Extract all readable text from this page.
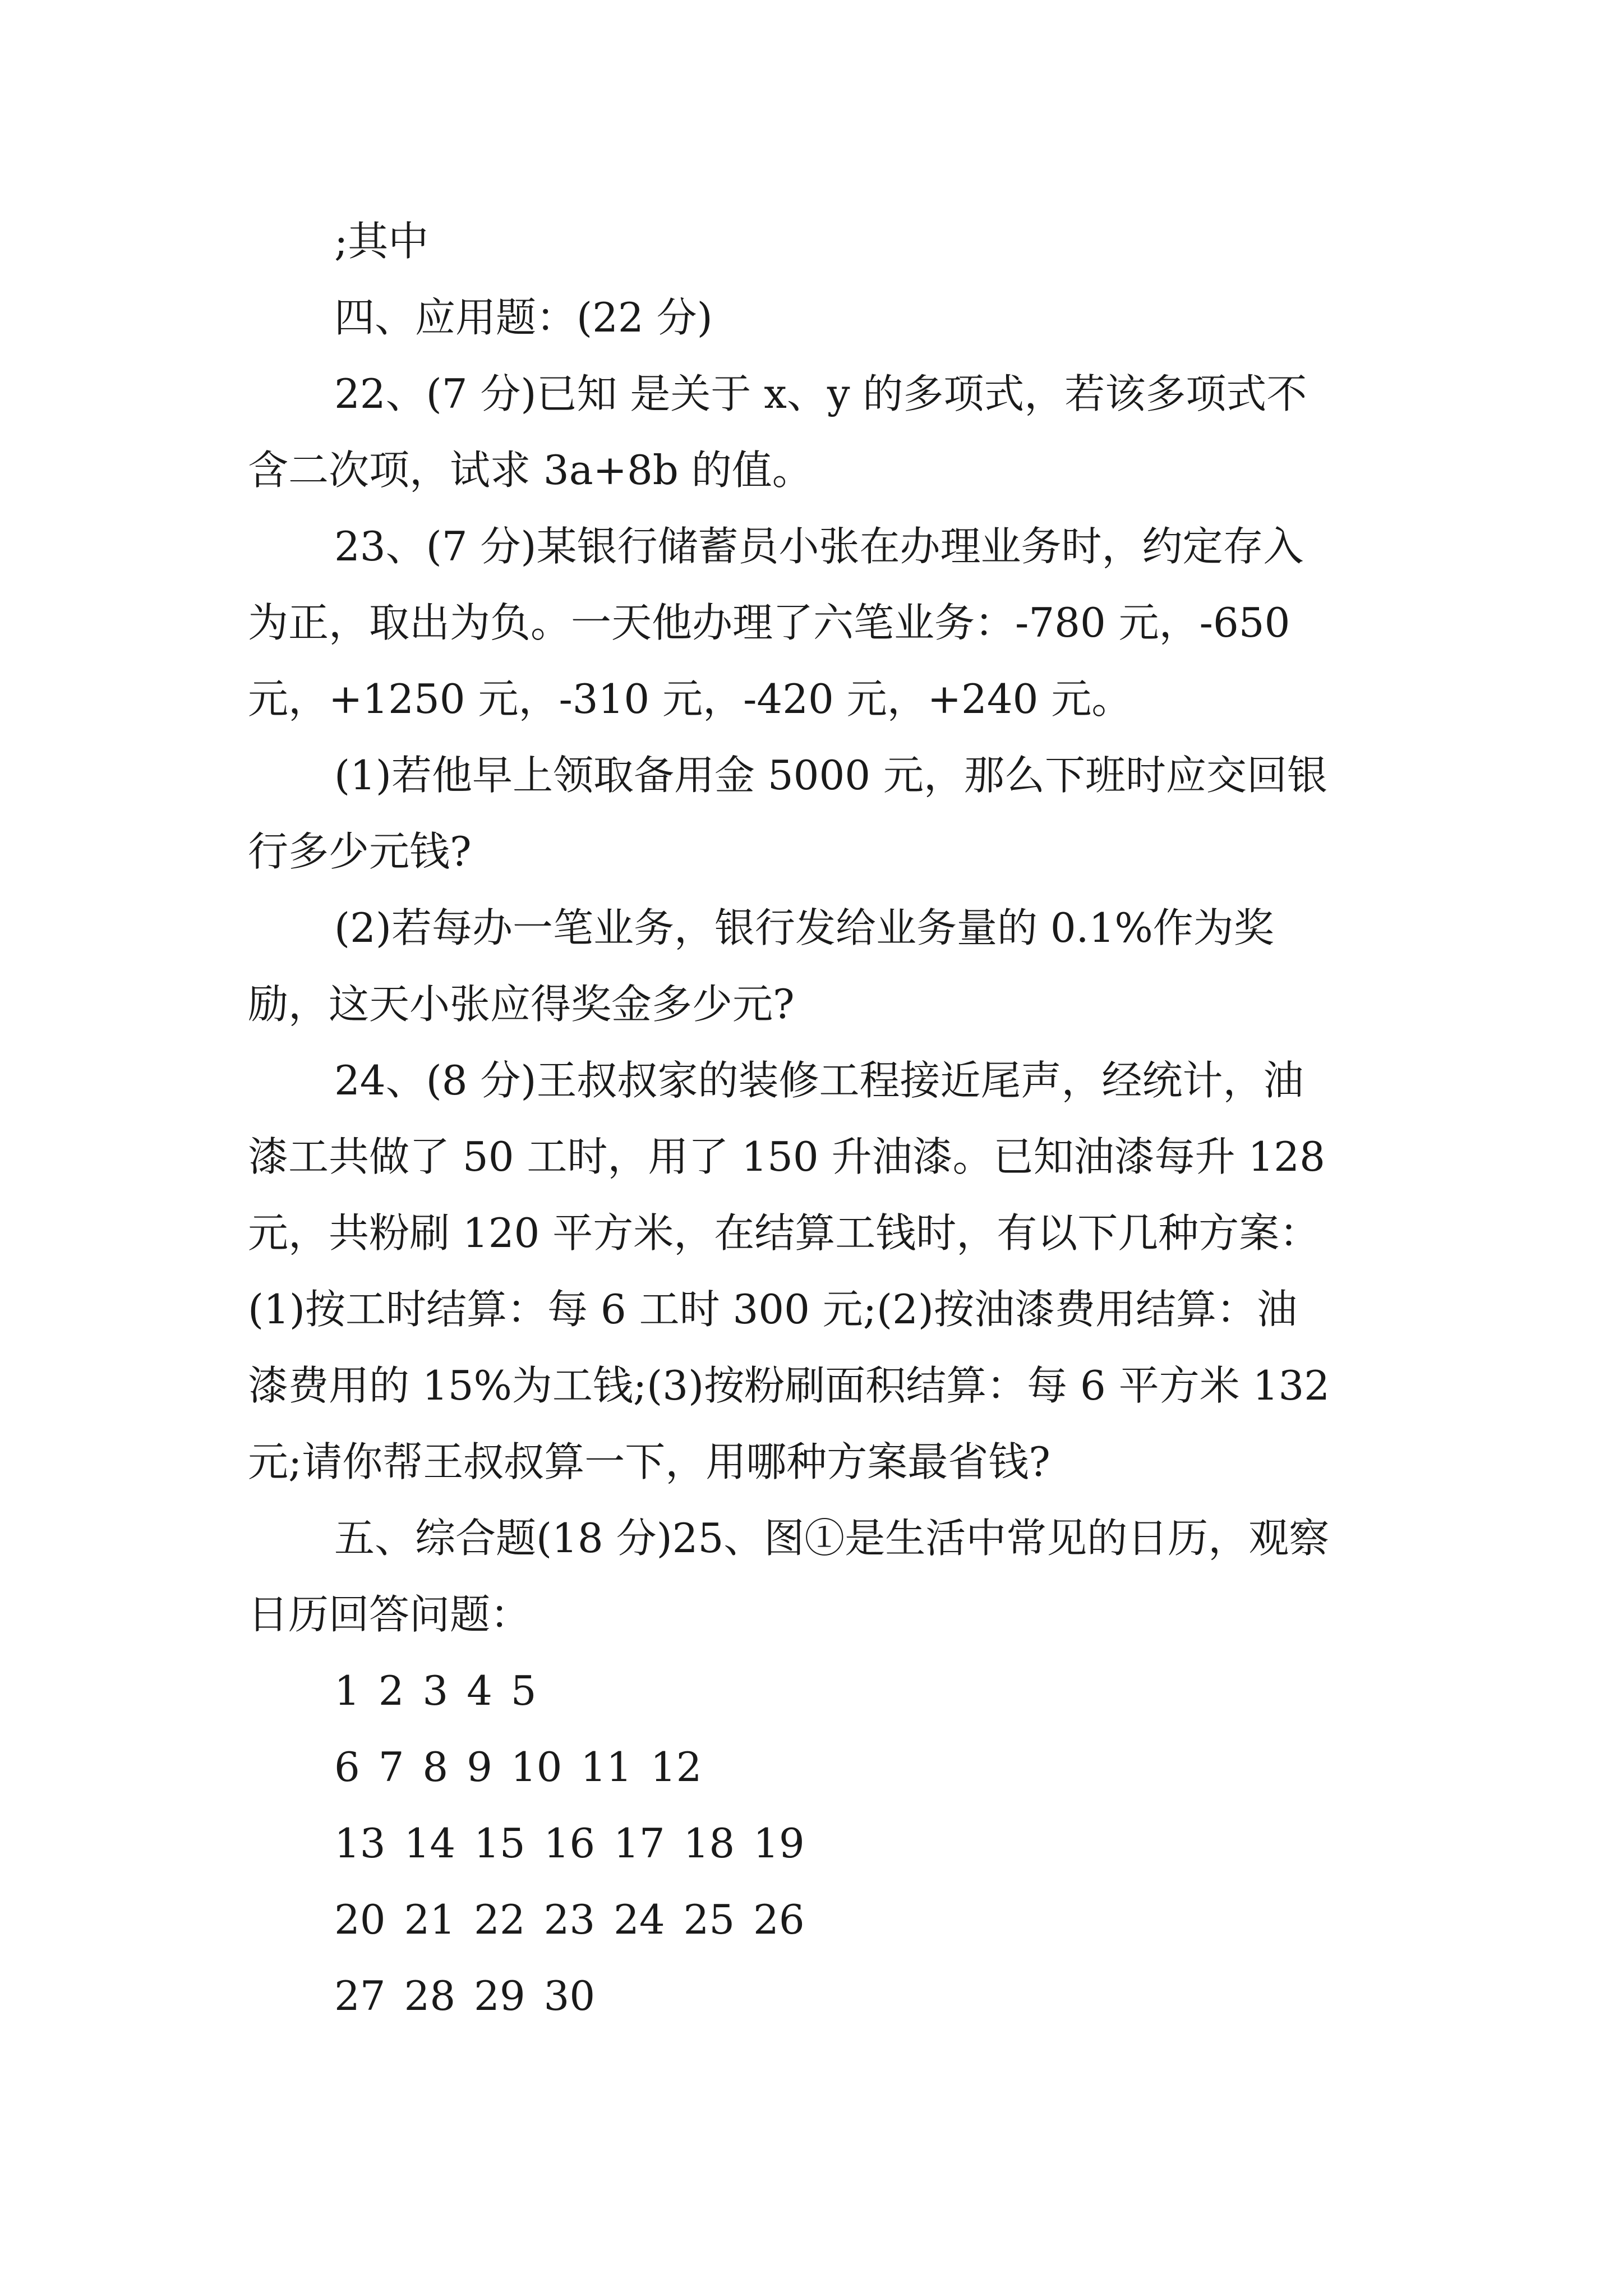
;其中
四、应用题：(22 分)
22、(7 分)已知 是关于 x、y 的多项式，若该多项式不
含二次项，试求 3a+8b 的值。
23、(7 分)某银行储蓄员小张在办理业务时，约定存入
为正，取出为负。一天他办理了六笔业务：-780 元，-650
元，+1250 元，-310 元，-420 元，+240 元。
(1)若他早上领取备用金 5000 元，那么下班时应交回银
行多少元钱?
(2)若每办一笔业务，银行发给业务量的 0.1%作为奖
励，这天小张应得奖金多少元?
24、(8 分)王叔叔家的装修工程接近尾声，经统计，油
漆工共做了 50 工时，用了 150 升油漆。已知油漆每升 128
元，共粉刷 120 平方米，在结算工钱时，有以下几种方案：
(1)按工时结算：每 6 工时 300 元;(2)按油漆费用结算：油
漆费用的 15%为工钱;(3)按粉刷面积结算：每 6 平方米 132
元;请你帮王叔叔算一下，用哪种方案最省钱?
五、综合题(18 分)25、图①是生活中常见的日历，观察
日历回答问题：
1 2 3 4 5
6 7 8 9 10 11 12
13 14 15 16 17 18 19
20 21 22 23 24 25 26
27 28 29 30
